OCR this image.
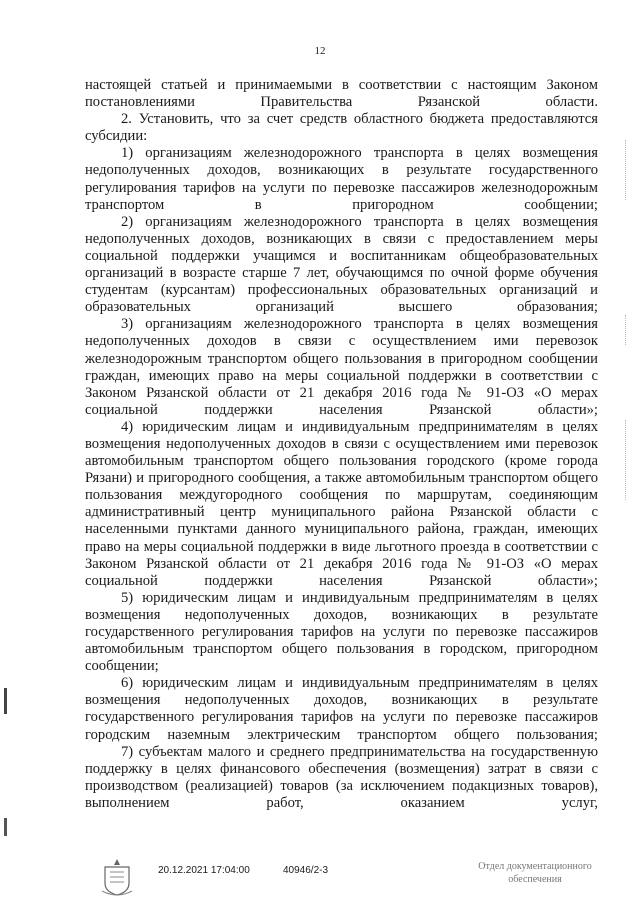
12

настоящей статьей и принимаемыми в соответствии с настоящим Законом постановлениями Правительства Рязанской области.

2. Установить, что за счет средств областного бюджета предоставляются субсидии:

1) организациям железнодорожного транспорта в целях возмещения недополученных доходов, возникающих в результате государственного регулирования тарифов на услуги по перевозке пассажиров железнодорожным транспортом в пригородном сообщении;

2) организациям железнодорожного транспорта в целях возмещения недополученных доходов, возникающих в связи с предоставлением меры социальной поддержки учащимся и воспитанникам общеобразовательных организаций в возрасте старше 7 лет, обучающимся по очной форме обучения студентам (курсантам) профессиональных образовательных организаций и образовательных организаций высшего образования;

3) организациям железнодорожного транспорта в целях возмещения недополученных доходов в связи с осуществлением ими перевозок железнодорожным транспортом общего пользования в пригородном сообщении граждан, имеющих право на меры социальной поддержки в соответствии с Законом Рязанской области от 21 декабря 2016 года № 91-ОЗ «О мерах социальной поддержки населения Рязанской области»;

4) юридическим лицам и индивидуальным предпринимателям в целях возмещения недополученных доходов в связи с осуществлением ими перевозок автомобильным транспортом общего пользования городского (кроме города Рязани) и пригородного сообщения, а также автомобильным транспортом общего пользования междугородного сообщения по маршрутам, соединяющим административный центр муниципального района Рязанской области с населенными пунктами данного муниципального района, граждан, имеющих право на меры социальной поддержки в виде льготного проезда в соответствии с Законом Рязанской области от 21 декабря 2016 года № 91-ОЗ «О мерах социальной поддержки населения Рязанской области»;

5) юридическим лицам и индивидуальным предпринимателям в целях возмещения недополученных доходов, возникающих в результате государственного регулирования тарифов на услуги по перевозке пассажиров автомобильным транспортом общего пользования в городском, пригородном сообщении;

6) юридическим лицам и индивидуальным предпринимателям в целях возмещения недополученных доходов, возникающих в результате государственного регулирования тарифов на услуги по перевозке пассажиров городским наземным электрическим транспортом общего пользования;

7) субъектам малого и среднего предпринимательства на государственную поддержку в целях финансового обеспечения (возмещения) затрат в связи с производством (реализацией) товаров (за исключением подакцизных товаров), выполнением работ, оказанием услуг,

20.12.2021 17:04:00	40946/2-3	Отдел документационного
обеспечения
